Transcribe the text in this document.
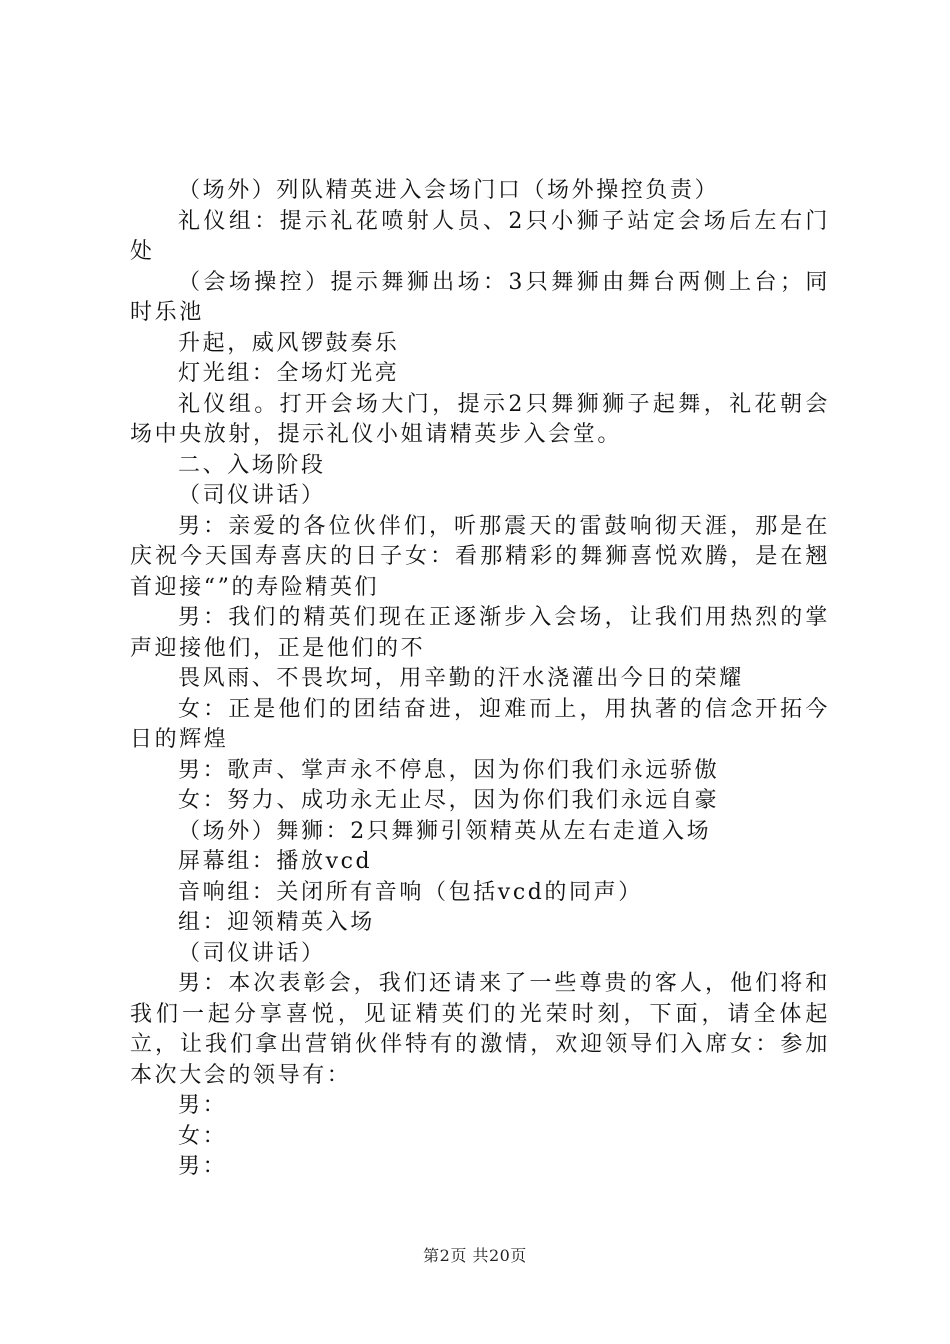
（场外）列队精英进入会场门口（场外操控负责）

礼仪组：提示礼花喷射人员、2只小狮子站定会场后左右门处

（会场操控）提示舞狮出场：3只舞狮由舞台两侧上台；同时乐池

升起，威风锣鼓奏乐

灯光组：全场灯光亮

礼仪组。打开会场大门，提示2只舞狮狮子起舞，礼花朝会场中央放射，提示礼仪小姐请精英步入会堂。

二、入场阶段

（司仪讲话）

男：亲爱的各位伙伴们，听那震天的雷鼓响彻天涯，那是在庆祝今天国寿喜庆的日子女：看那精彩的舞狮喜悦欢腾，是在翘首迎接“”的寿险精英们

男：我们的精英们现在正逐渐步入会场，让我们用热烈的掌声迎接他们，正是他们的不

畏风雨、不畏坎坷，用辛勤的汗水浇灌出今日的荣耀

女：正是他们的团结奋进，迎难而上，用执著的信念开拓今日的辉煌

男：歌声、掌声永不停息，因为你们我们永远骄傲

女：努力、成功永无止尽，因为你们我们永远自豪

（场外）舞狮：2只舞狮引领精英从左右走道入场

屏幕组：播放vcd

音响组：关闭所有音响（包括vcd的同声）

组：迎领精英入场

（司仪讲话）

男：本次表彰会，我们还请来了一些尊贵的客人，他们将和我们一起分享喜悦，见证精英们的光荣时刻，下面，请全体起立，让我们拿出营销伙伴特有的激情，欢迎领导们入席女：参加本次大会的领导有：

男：

女：

男：

第2页 共20页
